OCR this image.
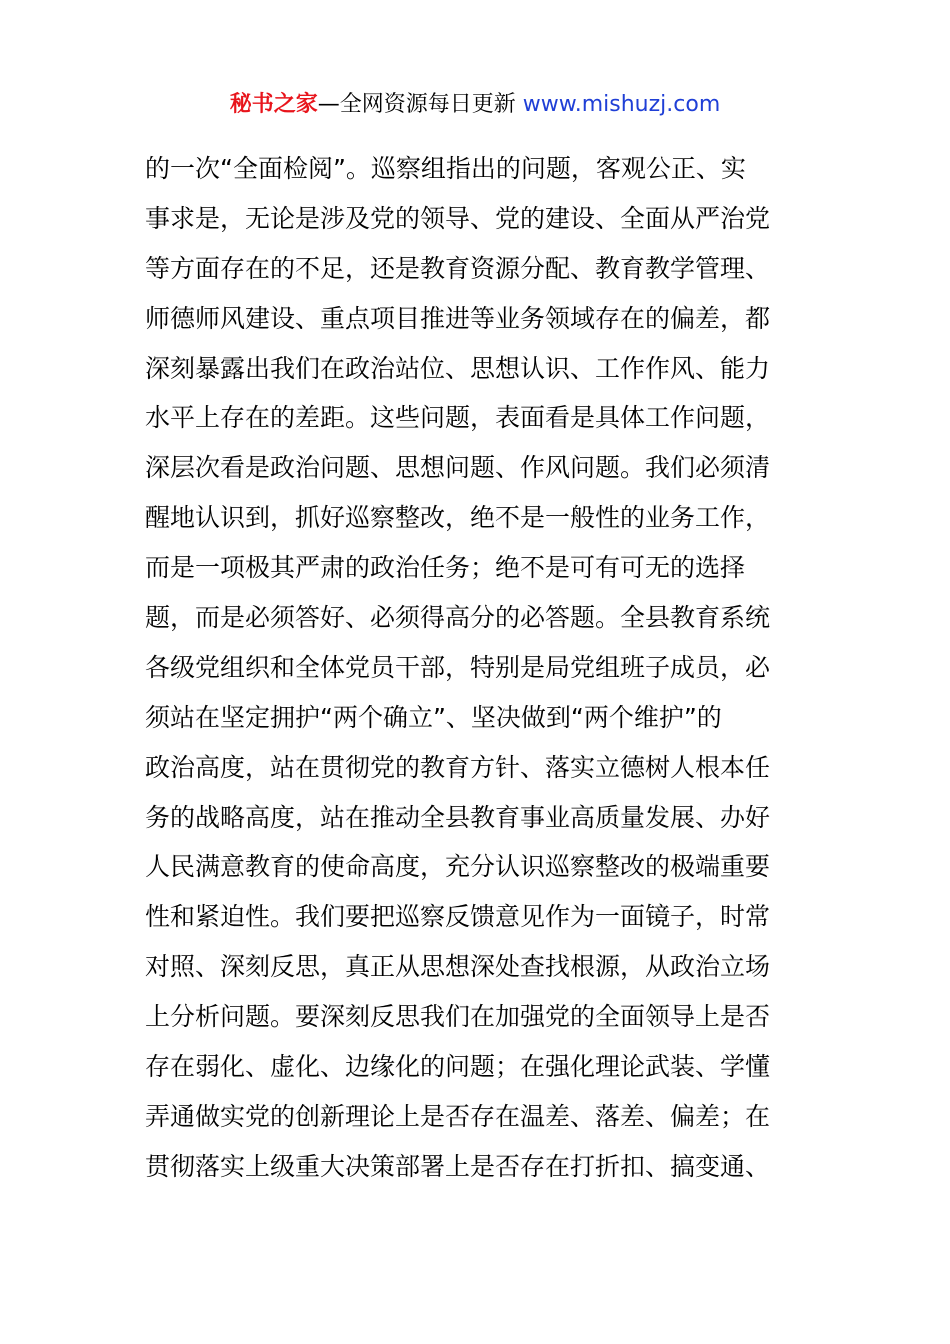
秘书之家—全网资源每日更新 www.mishuzj.com
的一次“全面检阅”。巡察组指出的问题，客观公正、实
事求是，无论是涉及党的领导、党的建设、全面从严治党
等方面存在的不足，还是教育资源分配、教育教学管理、
师德师风建设、重点项目推进等业务领域存在的偏差，都
深刻暴露出我们在政治站位、思想认识、工作作风、能力
水平上存在的差距。这些问题，表面看是具体工作问题，
深层次看是政治问题、思想问题、作风问题。我们必须清
醒地认识到，抓好巡察整改，绝不是一般性的业务工作，
而是一项极其严肃的政治任务；绝不是可有可无的选择
题，而是必须答好、必须得高分的必答题。全县教育系统
各级党组织和全体党员干部，特别是局党组班子成员，必
须站在坚定拥护“两个确立”、坚决做到“两个维护”的
政治高度，站在贯彻党的教育方针、落实立德树人根本任
务的战略高度，站在推动全县教育事业高质量发展、办好
人民满意教育的使命高度，充分认识巡察整改的极端重要
性和紧迫性。我们要把巡察反馈意见作为一面镜子，时常
对照、深刻反思，真正从思想深处查找根源，从政治立场
上分析问题。要深刻反思我们在加强党的全面领导上是否
存在弱化、虚化、边缘化的问题；在强化理论武装、学懂
弄通做实党的创新理论上是否存在温差、落差、偏差；在
贯彻落实上级重大决策部署上是否存在打折扣、搞变通、
